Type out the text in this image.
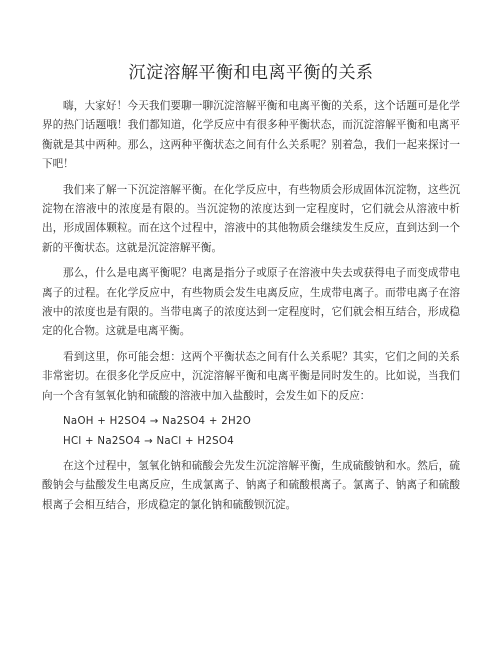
沉淀溶解平衡和电离平衡的关系

嗨，大家好！今天我们要聊一聊沉淀溶解平衡和电离平衡的关系，这个话题可是化学界的热门话题哦！我们都知道，化学反应中有很多种平衡状态，而沉淀溶解平衡和电离平衡就是其中两种。那么，这两种平衡状态之间有什么关系呢？别着急，我们一起来探讨一下吧！

我们来了解一下沉淀溶解平衡。在化学反应中，有些物质会形成固体沉淀物，这些沉淀物在溶液中的浓度是有限的。当沉淀物的浓度达到一定程度时，它们就会从溶液中析出，形成固体颗粒。而在这个过程中，溶液中的其他物质会继续发生反应，直到达到一个新的平衡状态。这就是沉淀溶解平衡。

那么，什么是电离平衡呢？电离是指分子或原子在溶液中失去或获得电子而变成带电离子的过程。在化学反应中，有些物质会发生电离反应，生成带电离子。而带电离子在溶液中的浓度也是有限的。当带电离子的浓度达到一定程度时，它们就会相互结合，形成稳定的化合物。这就是电离平衡。

看到这里，你可能会想：这两个平衡状态之间有什么关系呢？其实，它们之间的关系非常密切。在很多化学反应中，沉淀溶解平衡和电离平衡是同时发生的。比如说，当我们向一个含有氢氧化钠和硫酸的溶液中加入盐酸时，会发生如下的反应：

NaOH + H2SO4 → Na2SO4 + 2H2O

HCl + Na2SO4 → NaCl + H2SO4

在这个过程中，氢氧化钠和硫酸会先发生沉淀溶解平衡，生成硫酸钠和水。然后，硫酸钠会与盐酸发生电离反应，生成氯离子、钠离子和硫酸根离子。氯离子、钠离子和硫酸根离子会相互结合，形成稳定的氯化钠和硫酸钡沉淀。
